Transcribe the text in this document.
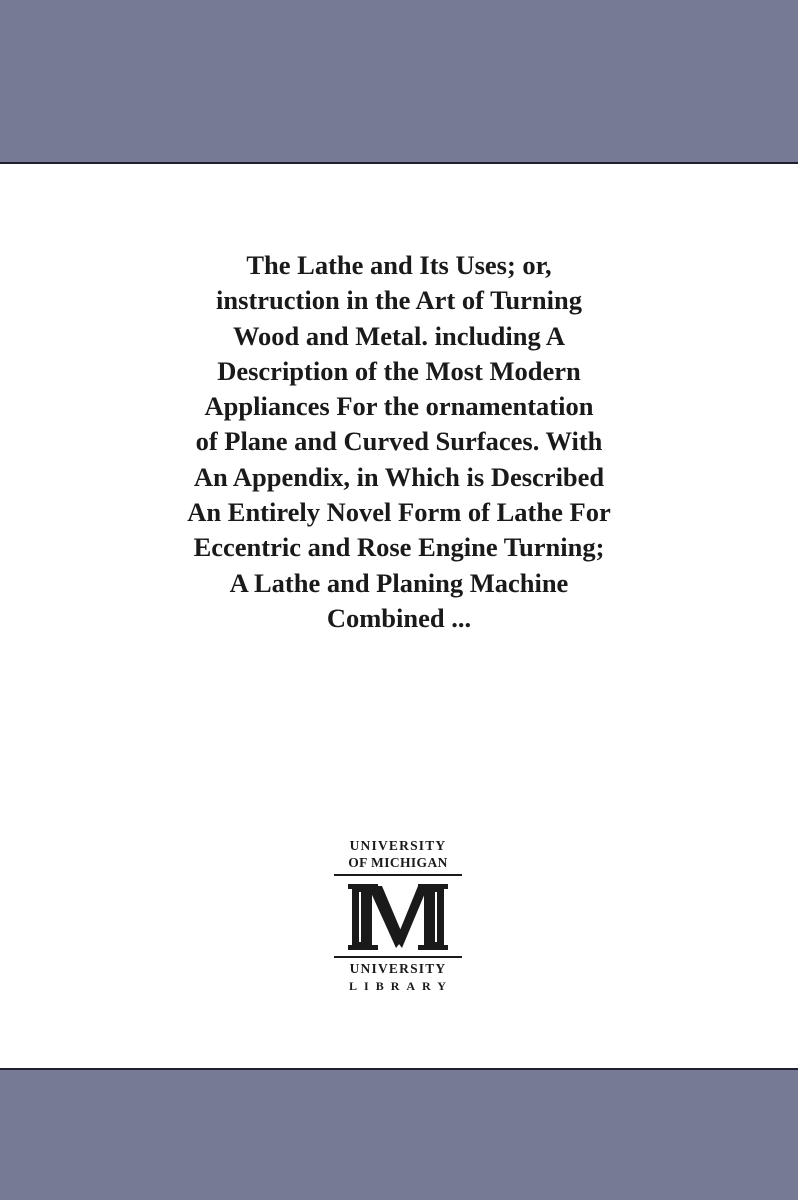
The Lathe and Its Uses; or,
instruction in the Art of Turning
Wood and Metal. including A
Description of the Most Modern
Appliances For the ornamentation
of Plane and Curved Surfaces. With
An Appendix, in Which is Described
An Entirely Novel Form of Lathe For
Eccentric and Rose Engine Turning;
A Lathe and Planing Machine
Combined ...
UNIVERSITY
OF MICHIGAN
UNIVERSITY
LIBRARY
